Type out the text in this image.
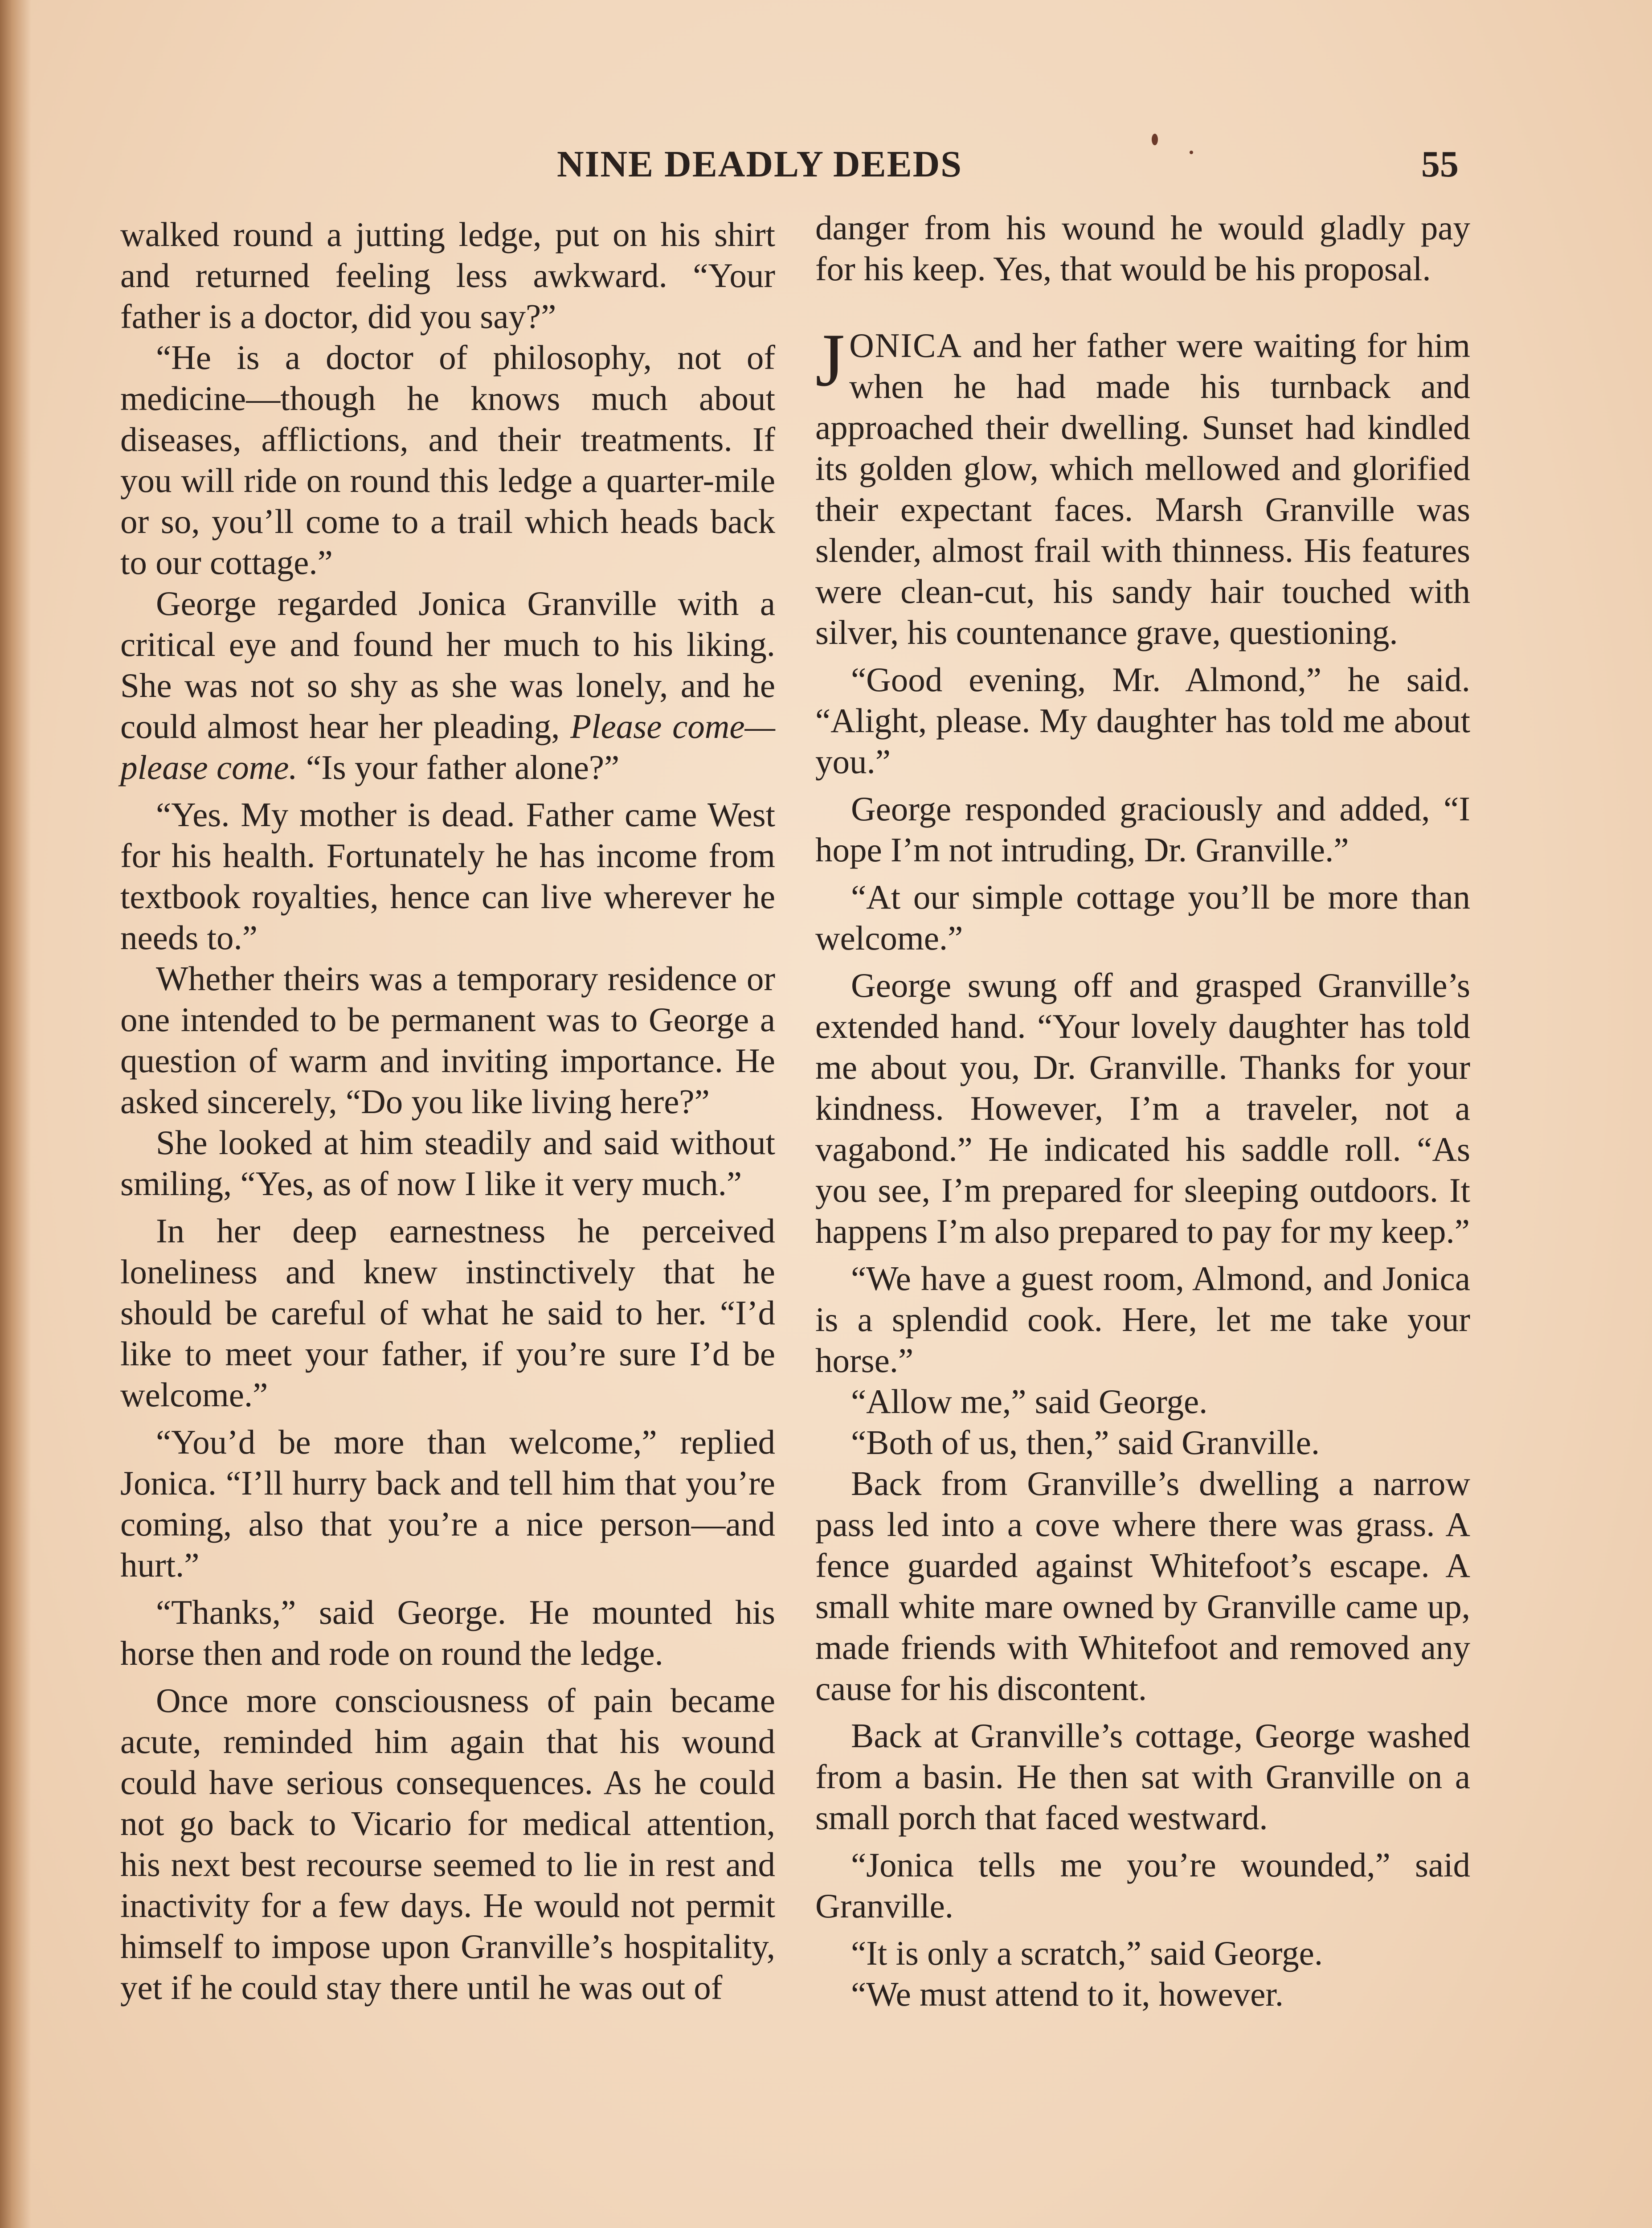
NINE DEADLY DEEDS	55

walked round a jutting ledge, put on his shirt and returned feeling less awkward. “Your father is a doctor, did you say?”

“He is a doctor of philosophy, not of medicine—though he knows much about diseases, afflictions, and their treatments. If you will ride on round this ledge a quarter-mile or so, you’ll come to a trail which heads back to our cottage.”

George regarded Jonica Granville with a critical eye and found her much to his liking. She was not so shy as she was lonely, and he could almost hear her pleading, Please come—please come. “Is your father alone?”

“Yes. My mother is dead. Father came West for his health. Fortunately he has income from textbook royalties, hence can live wherever he needs to.”

Whether theirs was a temporary residence or one intended to be permanent was to George a question of warm and inviting importance. He asked sincerely, “Do you like living here?”

She looked at him steadily and said without smiling, “Yes, as of now I like it very much.”

In her deep earnestness he perceived loneliness and knew instinctively that he should be careful of what he said to her. “I’d like to meet your father, if you’re sure I’d be welcome.”

“You’d be more than welcome,” replied Jonica. “I’ll hurry back and tell him that you’re coming, also that you’re a nice person—and hurt.”

“Thanks,” said George. He mounted his horse then and rode on round the ledge.

Once more consciousness of pain became acute, reminded him again that his wound could have serious consequences. As he could not go back to Vicario for medical attention, his next best recourse seemed to lie in rest and inactivity for a few days. He would not permit himself to impose upon Granville’s hospitality, yet if he could stay there until he was out of

danger from his wound he would gladly pay for his keep. Yes, that would be his proposal.

JONICA and her father were waiting for him when he had made his turnback and approached their dwelling. Sunset had kindled its golden glow, which mellowed and glorified their expectant faces. Marsh Granville was slender, almost frail with thinness. His features were clean-cut, his sandy hair touched with silver, his countenance grave, questioning.

“Good evening, Mr. Almond,” he said. “Alight, please. My daughter has told me about you.”

George responded graciously and added, “I hope I’m not intruding, Dr. Granville.”

“At our simple cottage you’ll be more than welcome.”

George swung off and grasped Granville’s extended hand. “Your lovely daughter has told me about you, Dr. Granville. Thanks for your kindness. However, I’m a traveler, not a vagabond.” He indicated his saddle roll. “As you see, I’m prepared for sleeping outdoors. It happens I’m also prepared to pay for my keep.”

“We have a guest room, Almond, and Jonica is a splendid cook. Here, let me take your horse.”

“Allow me,” said George.

“Both of us, then,” said Granville.

Back from Granville’s dwelling a narrow pass led into a cove where there was grass. A fence guarded against Whitefoot’s escape. A small white mare owned by Granville came up, made friends with Whitefoot and removed any cause for his discontent.

Back at Granville’s cottage, George washed from a basin. He then sat with Granville on a small porch that faced westward.

“Jonica tells me you’re wounded,” said Granville.

“It is only a scratch,” said George.

“We must attend to it, however.
